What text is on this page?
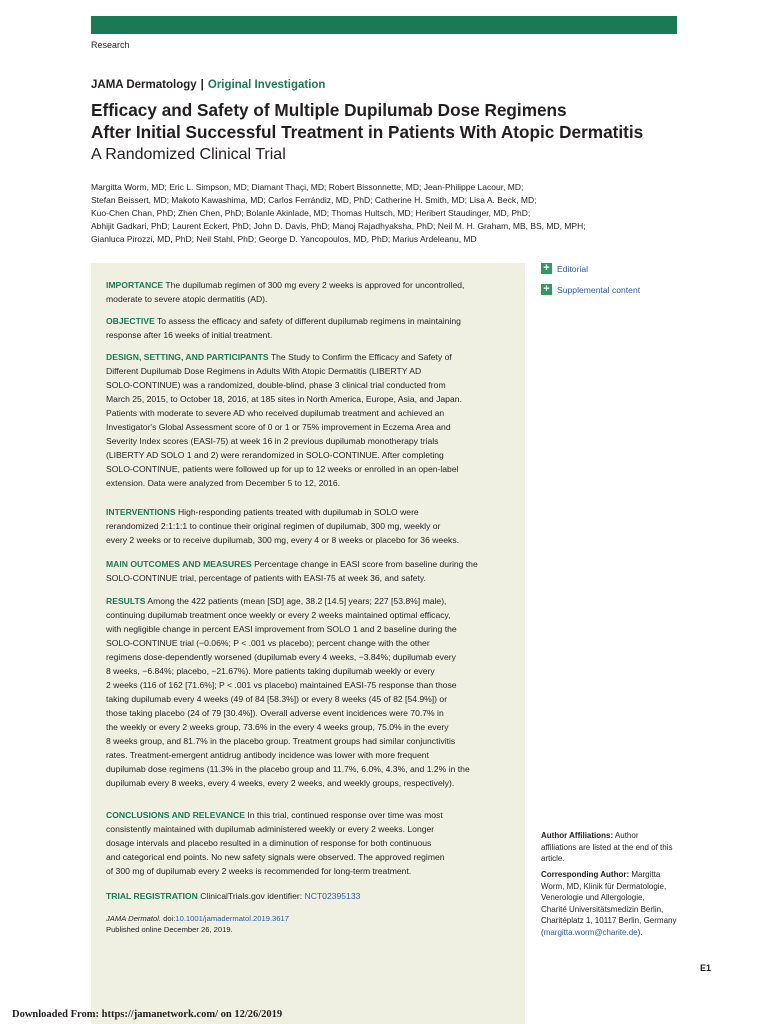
Research
JAMA Dermatology | Original Investigation
Efficacy and Safety of Multiple Dupilumab Dose Regimens
After Initial Successful Treatment in Patients With Atopic Dermatitis
A Randomized Clinical Trial
Margitta Worm, MD; Eric L. Simpson, MD; Diamant Thaçi, MD; Robert Bissonnette, MD; Jean-Philippe Lacour, MD;
Stefan Beissert, MD; Makoto Kawashima, MD; Carlos Ferrándiz, MD, PhD; Catherine H. Smith, MD; Lisa A. Beck, MD;
Kuo-Chen Chan, PhD; Zhen Chen, PhD; Bolanle Akinlade, MD; Thomas Hultsch, MD; Heribert Staudinger, MD, PhD;
Abhijit Gadkari, PhD; Laurent Eckert, PhD; John D. Davis, PhD; Manoj Rajadhyaksha, PhD; Neil M. H. Graham, MB, BS, MD, MPH;
Gianluca Pirozzi, MD, PhD; Neil Stahl, PhD; George D. Yancopoulos, MD, PhD; Marius Ardeleanu, MD
IMPORTANCE The dupilumab regimen of 300 mg every 2 weeks is approved for uncontrolled,
moderate to severe atopic dermatitis (AD).
OBJECTIVE To assess the efficacy and safety of different dupilumab regimens in maintaining
response after 16 weeks of initial treatment.
DESIGN, SETTING, AND PARTICIPANTS The Study to Confirm the Efficacy and Safety of
Different Dupilumab Dose Regimens in Adults With Atopic Dermatitis (LIBERTY AD
SOLO-CONTINUE) was a randomized, double-blind, phase 3 clinical trial conducted from
March 25, 2015, to October 18, 2016, at 185 sites in North America, Europe, Asia, and Japan.
Patients with moderate to severe AD who received dupilumab treatment and achieved an
Investigator's Global Assessment score of 0 or 1 or 75% improvement in Eczema Area and
Severity Index scores (EASI-75) at week 16 in 2 previous dupilumab monotherapy trials
(LIBERTY AD SOLO 1 and 2) were rerandomized in SOLO-CONTINUE. After completing
SOLO-CONTINUE, patients were followed up for up to 12 weeks or enrolled in an open-label
extension. Data were analyzed from December 5 to 12, 2016.
INTERVENTIONS High-responding patients treated with dupilumab in SOLO were
rerandomized 2:1:1:1 to continue their original regimen of dupilumab, 300 mg, weekly or
every 2 weeks or to receive dupilumab, 300 mg, every 4 or 8 weeks or placebo for 36 weeks.
MAIN OUTCOMES AND MEASURES Percentage change in EASI score from baseline during the
SOLO-CONTINUE trial, percentage of patients with EASI-75 at week 36, and safety.
RESULTS Among the 422 patients (mean [SD] age, 38.2 [14.5] years; 227 [53.8%] male),
continuing dupilumab treatment once weekly or every 2 weeks maintained optimal efficacy,
with negligible change in percent EASI improvement from SOLO 1 and 2 baseline during the
SOLO-CONTINUE trial (−0.06%; P < .001 vs placebo); percent change with the other
regimens dose-dependently worsened (dupilumab every 4 weeks, −3.84%; dupilumab every
8 weeks, −6.84%; placebo, −21.67%). More patients taking dupilumab weekly or every
2 weeks (116 of 162 [71.6%]; P < .001 vs placebo) maintained EASI-75 response than those
taking dupilumab every 4 weeks (49 of 84 [58.3%]) or every 8 weeks (45 of 82 [54.9%]) or
those taking placebo (24 of 79 [30.4%]). Overall adverse event incidences were 70.7% in
the weekly or every 2 weeks group, 73.6% in the every 4 weeks group, 75.0% in the every
8 weeks group, and 81.7% in the placebo group. Treatment groups had similar conjunctivitis
rates. Treatment-emergent antidrug antibody incidence was lower with more frequent
dupilumab dose regimens (11.3% in the placebo group and 11.7%, 6.0%, 4.3%, and 1.2% in the
dupilumab every 8 weeks, every 4 weeks, every 2 weeks, and weekly groups, respectively).
CONCLUSIONS AND RELEVANCE In this trial, continued response over time was most
consistently maintained with dupilumab administered weekly or every 2 weeks. Longer
dosage intervals and placebo resulted in a diminution of response for both continuous
and categorical end points. No new safety signals were observed. The approved regimen
of 300 mg of dupilumab every 2 weeks is recommended for long-term treatment.
TRIAL REGISTRATION ClinicalTrials.gov identifier: NCT02395133
JAMA Dermatol. doi:10.1001/jamadermatol.2019.3617
Published online December 26, 2019.
+ Editorial
+ Supplemental content
Author Affiliations: Author
affiliations are listed at the end of this
article.
Corresponding Author: Margitta
Worm, MD, Klinik für Dermatologie,
Venerologie und Allergologie,
Charité Universitätsmedizin Berlin,
Charitéplatz 1, 10117 Berlin, Germany
(margitta.worm@charite.de).
E1
Downloaded From: https://jamanetwork.com/ on 12/26/2019
